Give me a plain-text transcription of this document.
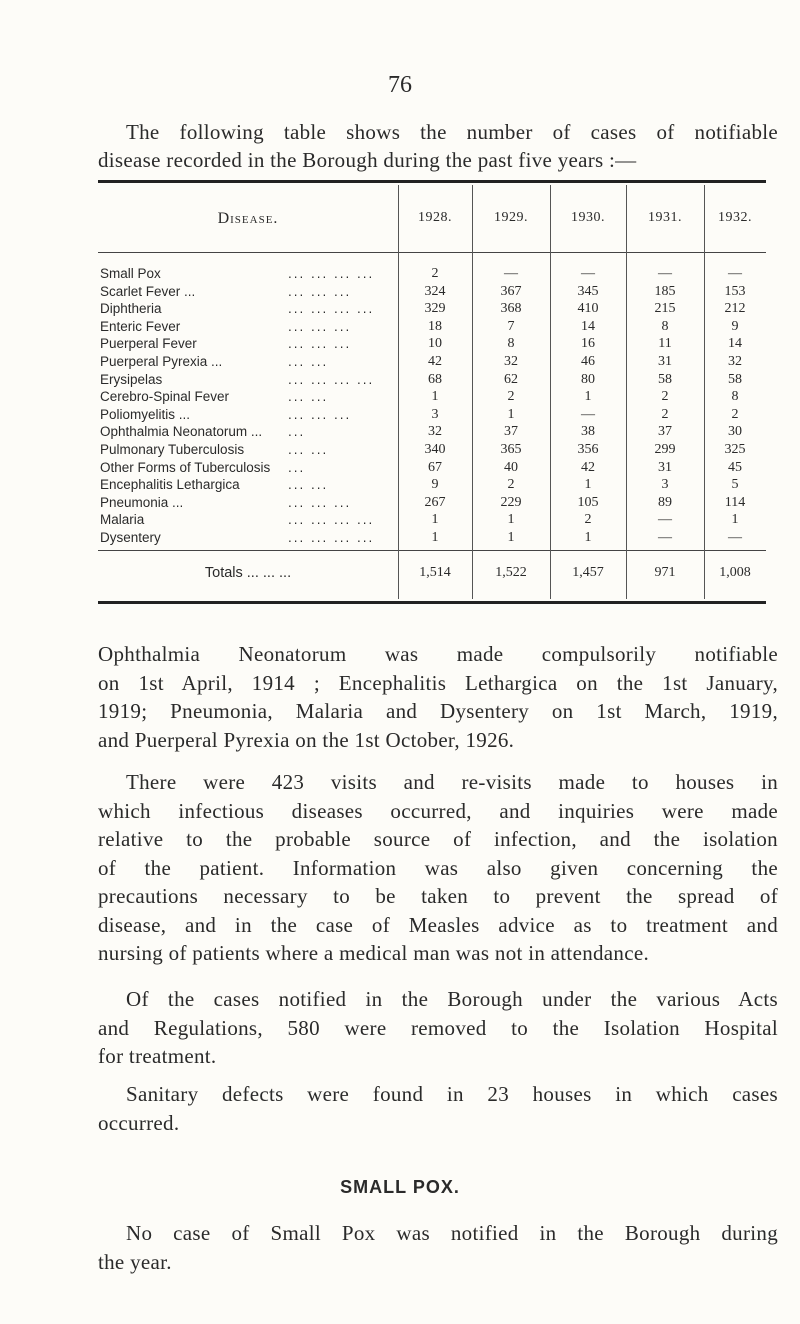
76
The following table shows the number of cases of notifiable
disease recorded in the Borough during the past five years :—
Disease.	1928.	1929.	1930.	1931.	1932.
Small Pox	... ... ... ...	2	—	—	—	—
Scarlet Fever ...	... ... ...	324	367	345	185	153
Diphtheria	... ... ... ...	329	368	410	215	212
Enteric Fever	... ... ...	18	7	14	8	9
Puerperal Fever	... ... ...	10	8	16	11	14
Puerperal Pyrexia ...	... ...	42	32	46	31	32
Erysipelas	... ... ... ...	68	62	80	58	58
Cerebro-Spinal Fever	... ...	1	2	1	2	8
Poliomyelitis ...	... ... ...	3	1	—	2	2
Ophthalmia Neonatorum ... ...	32	37	38	37	30
Pulmonary Tuberculosis	... ...	340	365	356	299	325
Other Forms of Tuberculosis ...	67	40	42	31	45
Encephalitis Lethargica	... ...	9	2	1	3	5
Pneumonia ...	... ... ...	267	229	105	89	114
Malaria	... ... ... ...	1	1	2	—	1
Dysentery	... ... ... ...	1	1	1	—	—
Totals ... ... ...	1,514	1,522	1,457	971	1,008
Ophthalmia Neonatorum was made compulsorily notifiable
on 1st April, 1914 ; Encephalitis Lethargica on the 1st January,
1919; Pneumonia, Malaria and Dysentery on 1st March, 1919,
and Puerperal Pyrexia on the 1st October, 1926.
There were 423 visits and re-visits made to houses in
which infectious diseases occurred, and inquiries were made
relative to the probable source of infection, and the isolation
of the patient. Information was also given concerning the
precautions necessary to be taken to prevent the spread of
disease, and in the case of Measles advice as to treatment and
nursing of patients where a medical man was not in attendance.
Of the cases notified in the Borough under the various Acts
and Regulations, 580 were removed to the Isolation Hospital
for treatment.
Sanitary defects were found in 23 houses in which cases
occurred.
SMALL POX.
No case of Small Pox was notified in the Borough during
the year.
